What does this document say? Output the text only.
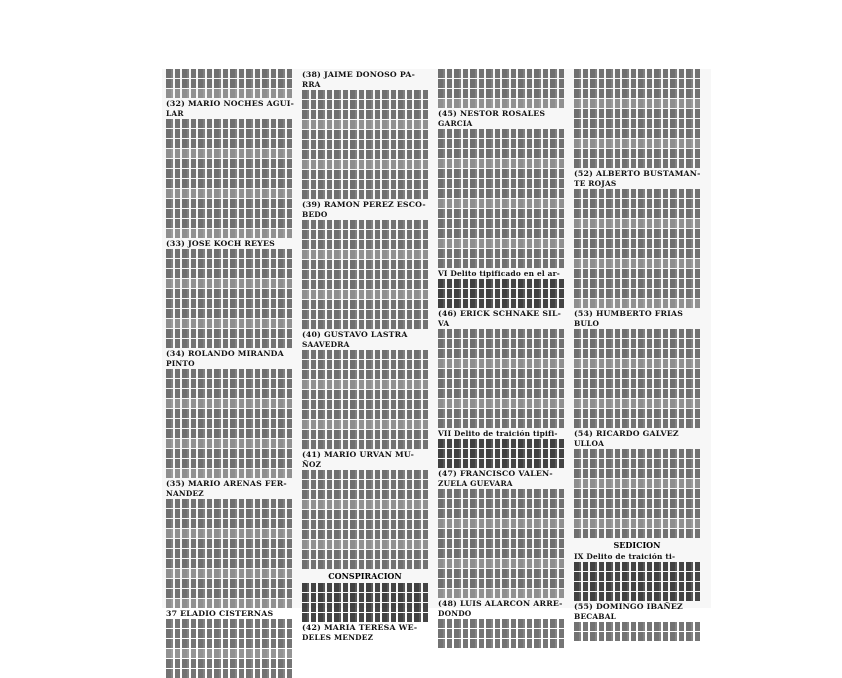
(32) MARIO NOCHES AGUI-
LAR
(33) JOSE KOCH REYES
(34) ROLANDO MIRANDA
PINTO
(35) MARIO ARENAS FER-
NANDEZ
37 ELADIO CISTERNAS
(38) JAIME DONOSO PA-
RRA
(39) RAMON PEREZ ESCO-
BEDO
(40) GUSTAVO LASTRA
SAAVEDRA
(41) MARIO URVAN MU-
ÑOZ
CONSPIRACION
(42) MARIA TERESA WE-
DELES MENDEZ
(45) NESTOR ROSALES
GARCIA
VI Delito tipificado en el ar-
(46) ERICK SCHNAKE SIL-
VA
VII Delito de traición tipifi-
(47) FRANCISCO VALEN-
ZUELA GUEVARA
(48) LUIS ALARCON ARRE-
DONDO
(52) ALBERTO BUSTAMAN-
TE ROJAS
(53) HUMBERTO FRIAS
BULO
(54) RICARDO GALVEZ
ULLOA
SEDICION
IX Delito de traición ti-
(55) DOMINGO IBAÑEZ
BECABAL
